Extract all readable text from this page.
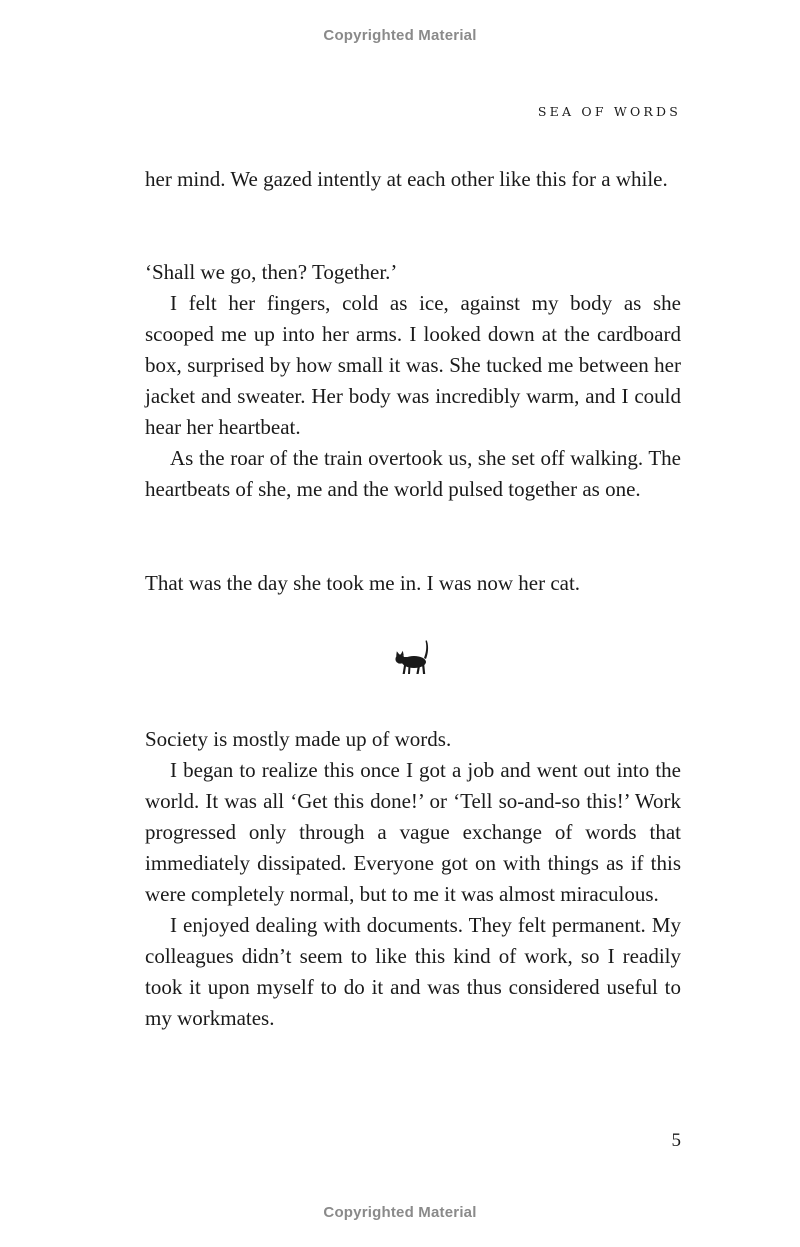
Copyrighted Material
SEA OF WORDS

her mind. We gazed intently at each other like this for a while.

‘Shall we go, then? Together.’

I felt her fingers, cold as ice, against my body as she scooped me up into her arms. I looked down at the cardboard box, surprised by how small it was. She tucked me between her jacket and sweater. Her body was incredibly warm, and I could hear her heartbeat.

As the roar of the train overtook us, she set off walking. The heartbeats of she, me and the world pulsed together as one.

That was the day she took me in. I was now her cat.

Society is mostly made up of words.

I began to realize this once I got a job and went out into the world. It was all ‘Get this done!’ or ‘Tell so-and-so this!’ Work progressed only through a vague exchange of words that immediately dissipated. Everyone got on with things as if this were completely normal, but to me it was almost miraculous.

I enjoyed dealing with documents. They felt permanent. My colleagues didn’t seem to like this kind of work, so I readily took it upon myself to do it and was thus considered useful to my workmates.

5
Copyrighted Material
